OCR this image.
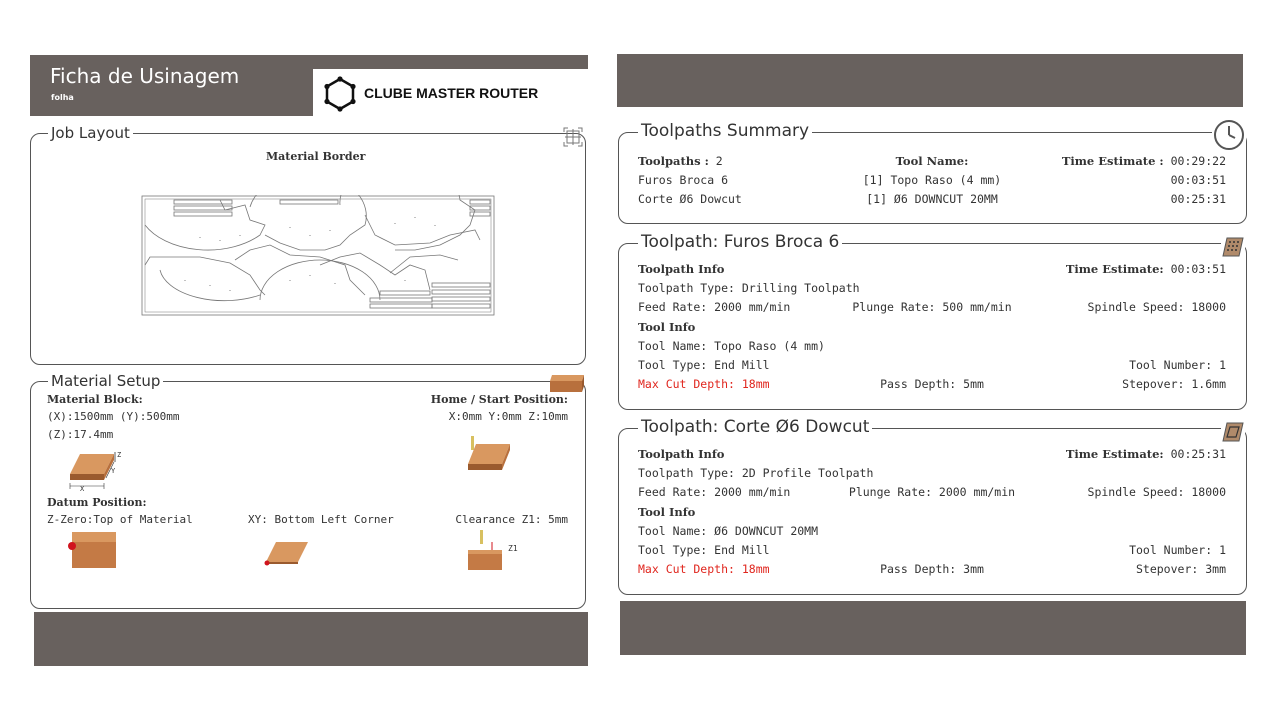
Ficha de Usinagem
folha	CLUBE MASTER ROUTER
Job Layout
Material Border
Material Setup
Material Block:
(X):1500mm (Y):500mm
(Z):17.4mm
Home / Start Position:
X:0mm Y:0mm Z:10mm
Z
Y
X
Datum Position:
Z-Zero:Top of Material	XY: Bottom Left Corner	Clearance Z1: 5mm
Z1
Toolpaths Summary
Toolpaths : 2	Tool Name:	Time Estimate : 00:29:22
Furos Broca 6	[1] Topo Raso (4 mm)	00:03:51
Corte Ø6 Dowcut	[1] Ø6 DOWNCUT 20MM	00:25:31
Toolpath: Furos Broca 6
Toolpath Info	Time Estimate: 00:03:51
Toolpath Type: Drilling Toolpath
Feed Rate: 2000 mm/min	Plunge Rate: 500 mm/min	Spindle Speed: 18000
Tool Info
Tool Name: Topo Raso (4 mm)
Tool Type: End Mill	Tool Number: 1
Max Cut Depth: 18mm	Pass Depth: 5mm	Stepover: 1.6mm
Toolpath: Corte Ø6 Dowcut
Toolpath Info	Time Estimate: 00:25:31
Toolpath Type: 2D Profile Toolpath
Feed Rate: 2000 mm/min	Plunge Rate: 2000 mm/min	Spindle Speed: 18000
Tool Info
Tool Name: Ø6 DOWNCUT 20MM
Tool Type: End Mill	Tool Number: 1
Max Cut Depth: 18mm	Pass Depth: 3mm	Stepover: 3mm
